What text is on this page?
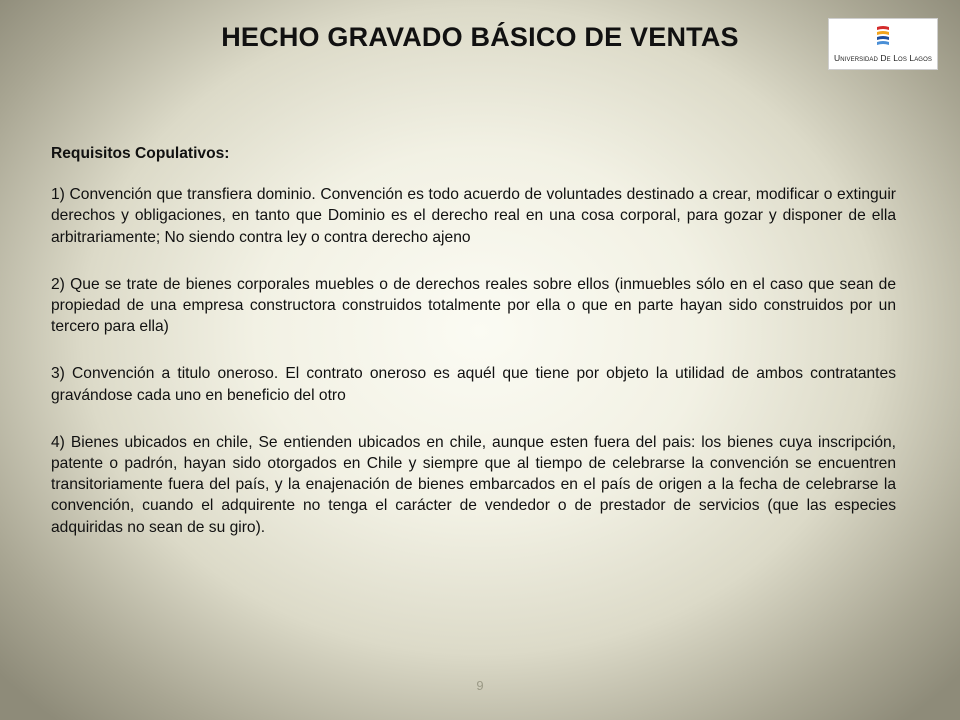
HECHO GRAVADO BÁSICO DE VENTAS
Universidad De Los Lagos
Requisitos Copulativos:

1) Convención que transfiera dominio. Convención es todo acuerdo de voluntades destinado a crear, modificar o extinguir derechos y obligaciones, en tanto que Dominio es el derecho real en una cosa corporal, para gozar y disponer de ella arbitrariamente; No siendo contra ley o contra derecho ajeno

2) Que se trate de bienes corporales muebles o de derechos reales sobre ellos (inmuebles sólo en el caso que sean de propiedad de una empresa constructora construidos totalmente por ella o que en parte hayan sido construidos por un tercero para ella)

3) Convención a titulo oneroso. El contrato oneroso es aquél que tiene por objeto la utilidad de ambos contratantes gravándose cada uno en beneficio del otro

4) Bienes ubicados en chile, Se entienden ubicados en chile, aunque esten fuera del pais: los bienes cuya inscripción, patente o padrón, hayan sido otorgados en Chile y siempre que al tiempo de celebrarse la convención se encuentren transitoriamente fuera del país, y la enajenación de bienes embarcados en el país de origen a la fecha de celebrarse la convención, cuando el adquirente no tenga el carácter de vendedor o de prestador de servicios (que las especies adquiridas no sean de su giro).

9
